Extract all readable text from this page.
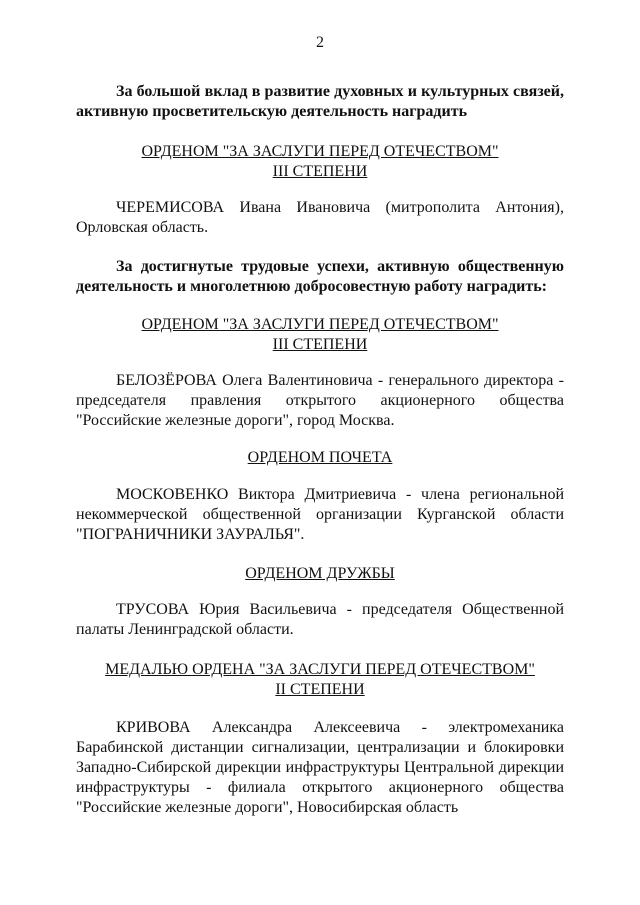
2
За большой вклад в развитие духовных и культурных связей, активную просветительскую деятельность наградить
ОРДЕНОМ "ЗА ЗАСЛУГИ ПЕРЕД ОТЕЧЕСТВОМ"
III СТЕПЕНИ
ЧЕРЕМИСОВА Ивана Ивановича (митрополита Антония), Орловская область.
За достигнутые трудовые успехи, активную общественную деятельность и многолетнюю добросовестную работу наградить:
ОРДЕНОМ "ЗА ЗАСЛУГИ ПЕРЕД ОТЕЧЕСТВОМ"
III СТЕПЕНИ
БЕЛОЗЁРОВА Олега Валентиновича - генерального директора - председателя правления открытого акционерного общества "Российские железные дороги", город Москва.
ОРДЕНОМ ПОЧЕТА
МОСКОВЕНКО Виктора Дмитриевича - члена региональной некоммерческой общественной организации Курганской области "ПОГРАНИЧНИКИ ЗАУРАЛЬЯ".
ОРДЕНОМ ДРУЖБЫ
ТРУСОВА Юрия Васильевича - председателя Общественной палаты Ленинградской области.
МЕДАЛЬЮ ОРДЕНА "ЗА ЗАСЛУГИ ПЕРЕД ОТЕЧЕСТВОМ"
II СТЕПЕНИ
КРИВОВА Александра Алексеевича - электромеханика Барабинской дистанции сигнализации, централизации и блокировки Западно-Сибирской дирекции инфраструктуры Центральной дирекции инфраструктуры - филиала открытого акционерного общества "Российские железные дороги", Новосибирская область
